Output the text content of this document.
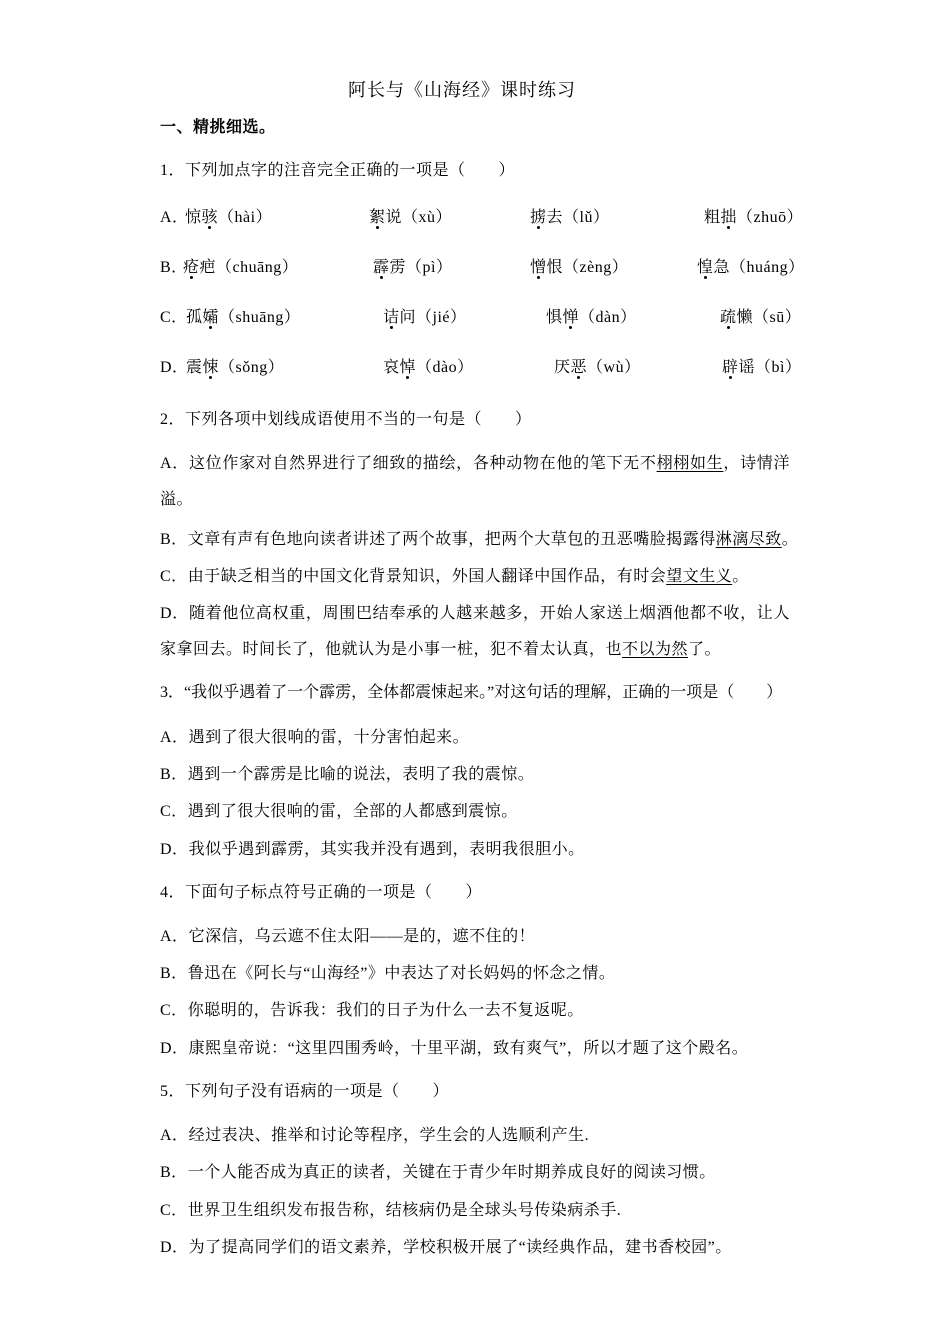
阿长与《山海经》课时练习
一、精挑细选。
1．下列加点字的注音完全正确的一项是（　　）
A．
惊骇（hài）	絮说（xù）	掳去（lǔ）	粗拙（zhuō）
B．
疮疤（chuāng）	霹雳（pì）	憎恨（zèng）	惶急（huáng）
C．
孤孀（shuāng）	诘问（jié）	惧惮（dàn）	疏懒（sū）
D．
震悚（sǒng）	哀悼（dào）	厌恶（wù）	辟谣（bì）
2．下列各项中划线成语使用不当的一句是（　　）
A．这位作家对自然界进行了细致的描绘，各种动物在他的笔下无不栩栩如生，诗情洋溢。
B．文章有声有色地向读者讲述了两个故事，把两个大草包的丑恶嘴脸揭露得淋漓尽致。
C．由于缺乏相当的中国文化背景知识，外国人翻译中国作品，有时会望文生义。
D．随着他位高权重，周围巴结奉承的人越来越多，开始人家送上烟酒他都不收，让人家拿回去。时间长了，他就认为是小事一桩，犯不着太认真，也不以为然了。
3．“我似乎遇着了一个霹雳，全体都震悚起来。”对这句话的理解，正确的一项是（　　）
A．遇到了很大很响的雷，十分害怕起来。
B．遇到一个霹雳是比喻的说法，表明了我的震惊。
C．遇到了很大很响的雷，全部的人都感到震惊。
D．我似乎遇到霹雳，其实我并没有遇到，表明我很胆小。
4．下面句子标点符号正确的一项是（　　）
A．它深信，乌云遮不住太阳——是的，遮不住的！
B．鲁迅在《阿长与“山海经”》中表达了对长妈妈的怀念之情。
C．你聪明的，告诉我：我们的日子为什么一去不复返呢。
D．康熙皇帝说：“这里四围秀岭，十里平湖，致有爽气”，所以才题了这个殿名。
5．下列句子没有语病的一项是（　　）
A．经过表决、推举和讨论等程序，学生会的人选顺利产生.
B．一个人能否成为真正的读者，关键在于青少年时期养成良好的阅读习惯。
C．世界卫生组织发布报告称，结核病仍是全球头号传染病杀手.
D．为了提高同学们的语文素养，学校积极开展了“读经典作品，建书香校园”。
